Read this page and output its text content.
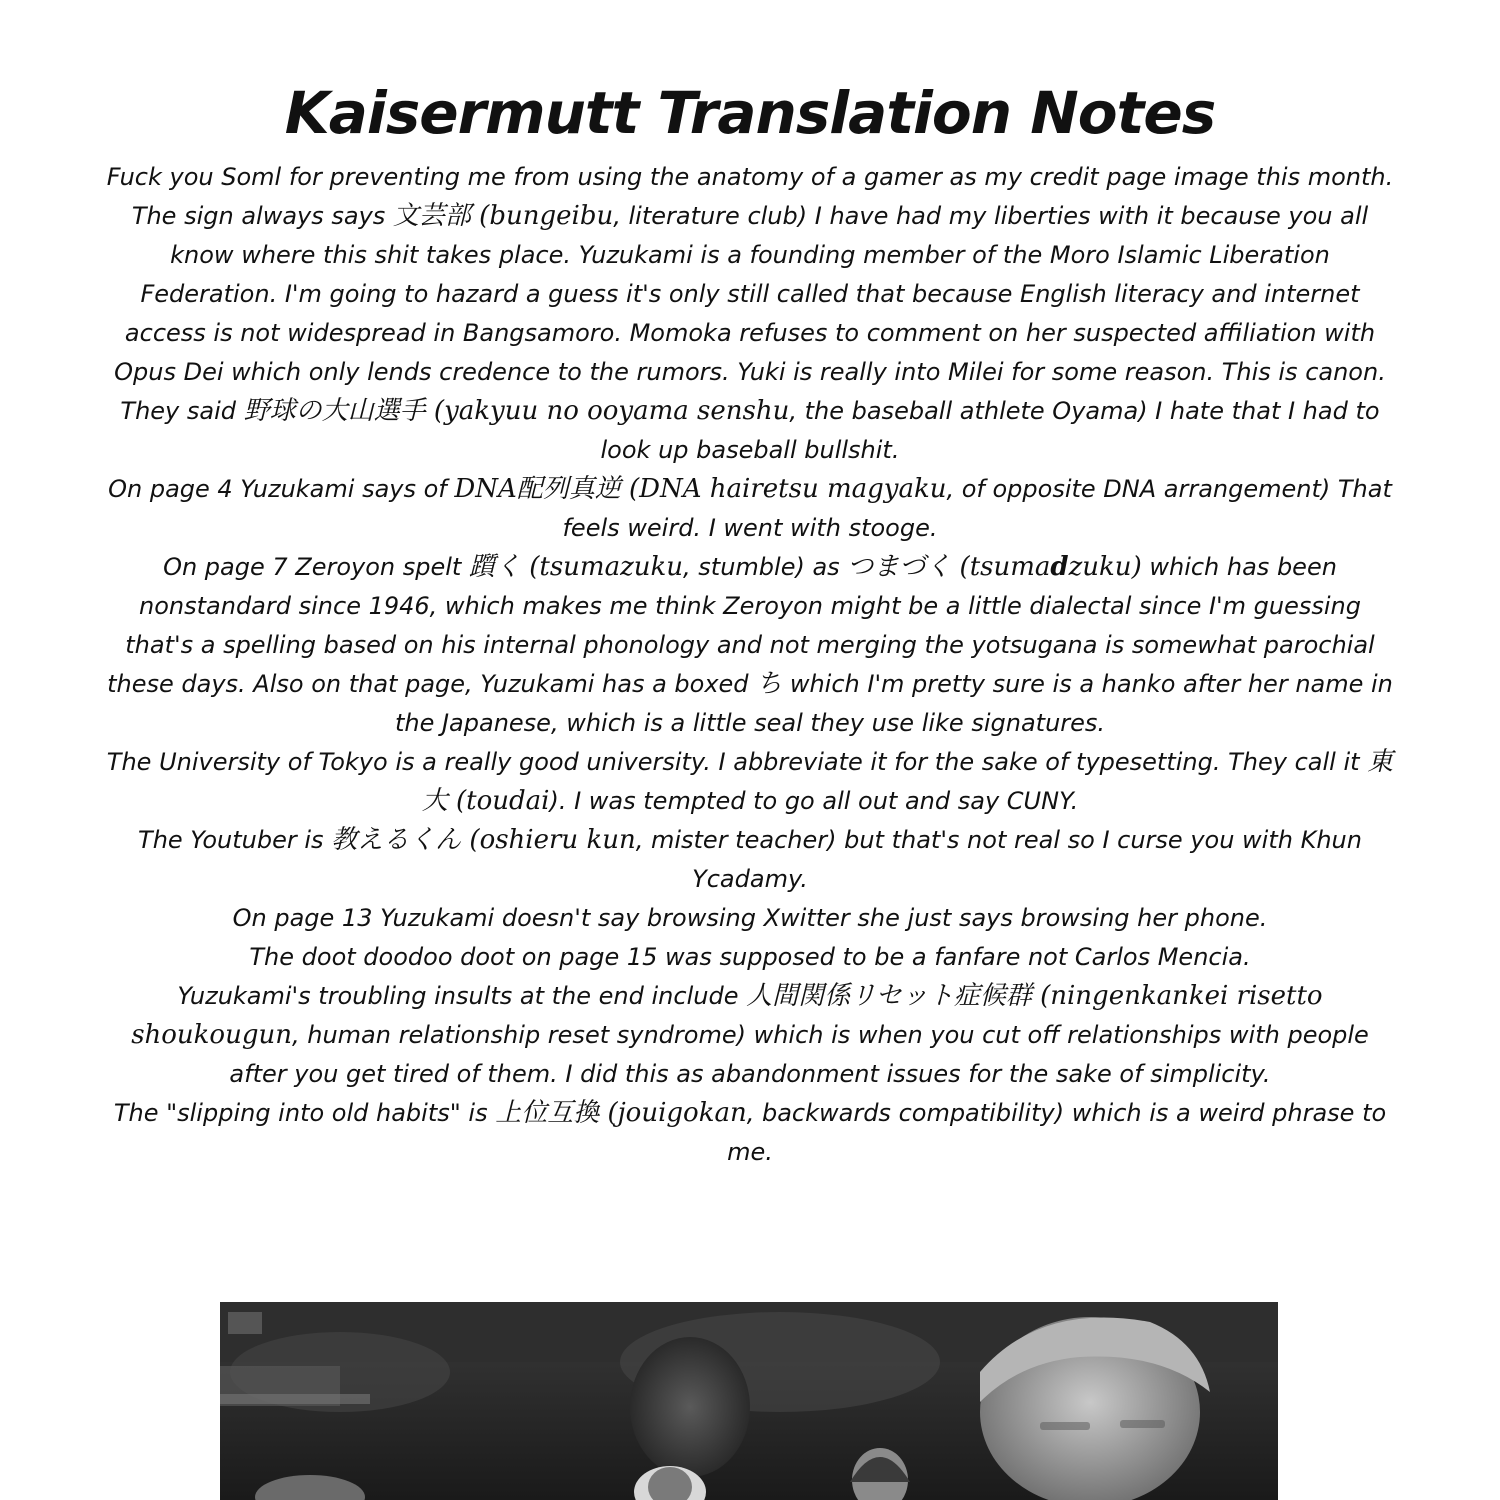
Kaisermutt Translation Notes

Fuck you Soml for preventing me from using the anatomy of a gamer as my credit page image this month.

The sign always says 文芸部 (bungeibu, literature club) I have had my liberties with it because you all know where this shit takes place. Yuzukami is a founding member of the Moro Islamic Liberation Federation. I'm going to hazard a guess it's only still called that because English literacy and internet access is not widespread in Bangsamoro. Momoka refuses to comment on her suspected affiliation with Opus Dei which only lends credence to the rumors. Yuki is really into Milei for some reason. This is canon.

They said 野球の大山選手 (yakyuu no ooyama senshu, the baseball athlete Oyama) I hate that I had to look up baseball bullshit.

On page 4 Yuzukami says of DNA配列真逆 (DNA hairetsu magyaku, of opposite DNA arrangement) That feels weird. I went with stooge.

On page 7 Zeroyon spelt 躓く (tsumazuku, stumble) as つまづく (tsumadzuku) which has been nonstandard since 1946, which makes me think Zeroyon might be a little dialectal since I'm guessing that's a spelling based on his internal phonology and not merging the yotsugana is somewhat parochial these days. Also on that page, Yuzukami has a boxed ち which I'm pretty sure is a hanko after her name in the Japanese, which is a little seal they use like signatures.

The University of Tokyo is a really good university. I abbreviate it for the sake of typesetting. They call it 東大 (toudai). I was tempted to go all out and say CUNY.

The Youtuber is 教えるくん (oshieru kun, mister teacher) but that's not real so I curse you with Khun Ycadamy.

On page 13 Yuzukami doesn't say browsing Xwitter she just says browsing her phone.

The doot doodoo doot on page 15 was supposed to be a fanfare not Carlos Mencia.

Yuzukami's troubling insults at the end include 人間関係リセット症候群 (ningenkankei risetto shoukougun, human relationship reset syndrome) which is when you cut off relationships with people after you get tired of them. I did this as abandonment issues for the sake of simplicity.

The "slipping into old habits" is 上位互換 (jouigokan, backwards compatibility) which is a weird phrase to me.
